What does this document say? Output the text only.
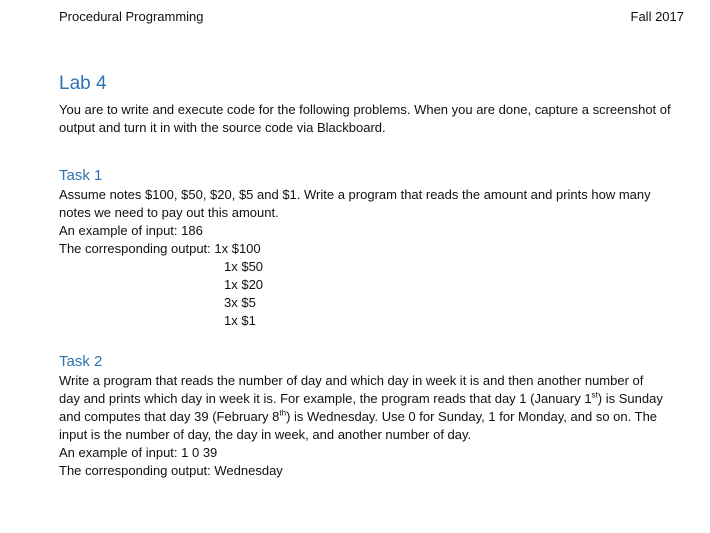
Procedural Programming	Fall 2017
Lab 4
You are to write and execute code for the following problems. When you are done, capture a screenshot of output and turn it in with the source code via Blackboard.
Task 1
Assume notes $100, $50, $20, $5 and $1. Write a program that reads the amount and prints how many
notes we need to pay out this amount.
An example of input: 186
The corresponding output: 1x $100
1x $50
1x $20
3x $5
1x $1
Task 2
Write a program that reads the number of day and which day in week it is and then another number of
day and prints which day in week it is. For example, the program reads that day 1 (January 1st) is Sunday
and computes that day 39 (February 8th) is Wednesday. Use 0 for Sunday, 1 for Monday, and so on. The
input is the number of day, the day in week, and another number of day.
An example of input: 1 0 39
The corresponding output: Wednesday
